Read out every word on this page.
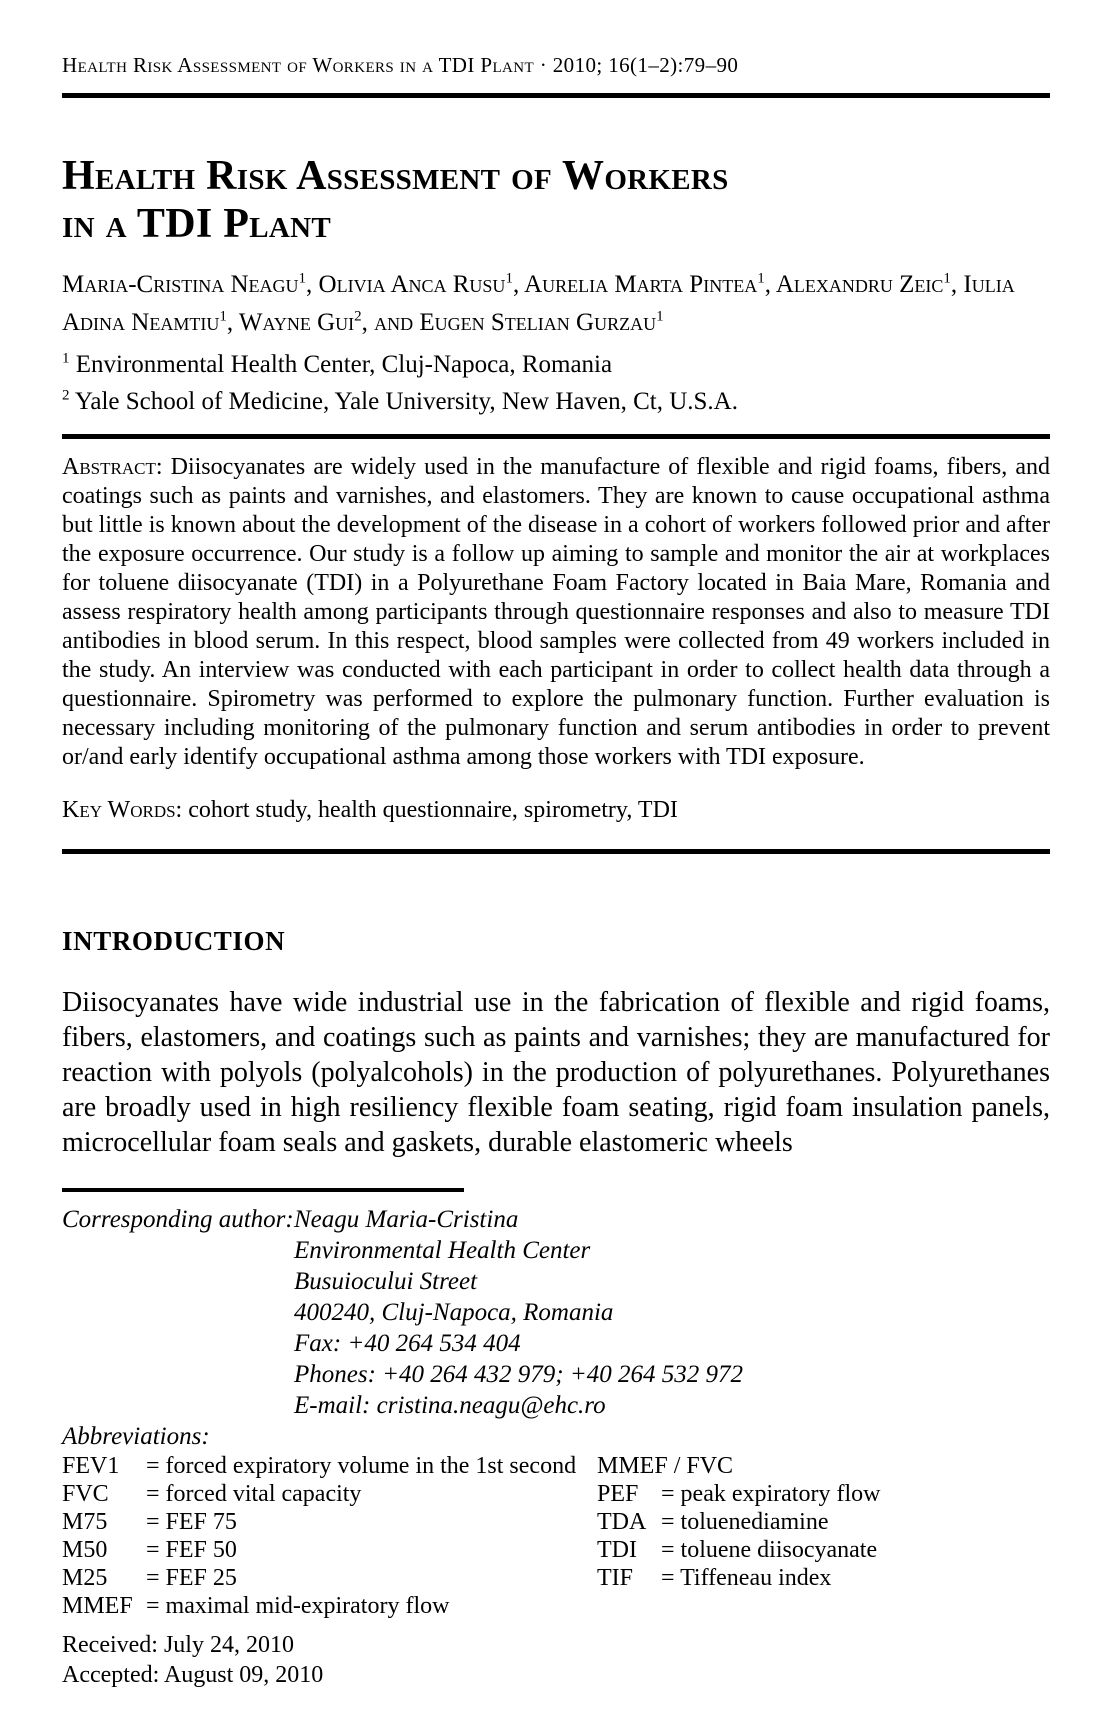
Health Risk Assessment of Workers in a TDI Plant · 2010; 16(1–2):79–90
Health Risk Assessment of Workers
in a TDI Plant
Maria-Cristina Neagu$^1$, Olivia Anca Rusu$^1$, Aurelia Marta Pintea$^1$, Alexandru Zeic$^1$, Iulia Adina Neamtiu$^1$, Wayne Gui$^2$, and Eugen Stelian Gurzau$^1$
$^1$ Environmental Health Center, Cluj-Napoca, Romania
$^2$ Yale School of Medicine, Yale University, New Haven, Ct, U.S.A.

Abstract: Diisocyanates are widely used in the manufacture of flexible and rigid foams, fibers, and coatings such as paints and varnishes, and elastomers. They are known to cause occupational asthma but little is known about the development of the disease in a cohort of workers followed prior and after the exposure occurrence. Our study is a follow up aiming to sample and monitor the air at workplaces for toluene diisocyanate (TDI) in a Polyurethane Foam Factory located in Baia Mare, Romania and assess respiratory health among participants through questionnaire responses and also to measure TDI antibodies in blood serum. In this respect, blood samples were collected from 49 workers included in the study. An interview was conducted with each participant in order to collect health data through a questionnaire. Spirometry was performed to explore the pulmonary function. Further evaluation is necessary including monitoring of the pulmonary function and serum antibodies in order to prevent or/and early identify occupational asthma among those workers with TDI exposure.

Key Words: cohort study, health questionnaire, spirometry, TDI

INTRODUCTION

Diisocyanates have wide industrial use in the fabrication of flexible and rigid foams, fibers, elastomers, and coatings such as paints and varnishes; they are manufactured for reaction with polyols (polyalcohols) in the production of polyurethanes. Polyurethanes are broadly used in high resiliency flexible foam seating, rigid foam insulation panels, microcellular foam seals and gaskets, durable elastomeric wheels

Corresponding author: Neagu Maria-Cristina
Environmental Health Center
Busuiocului Street
400240, Cluj-Napoca, Romania
Fax: +40 264 534 404
Phones: +40 264 432 979; +40 264 532 972
E-mail: cristina.neagu@ehc.ro
Abbreviations:
FEV1 = forced expiratory volume in the 1st second
FVC = forced vital capacity
M75 = FEF 75
M50 = FEF 50
M25 = FEF 25
MMEF = maximal mid-expiratory flow
MMEF / FVC
PEF = peak expiratory flow
TDA = toluenediamine
TDI = toluene diisocyanate
TIF = Tiffeneau index
Received: July 24, 2010
Accepted: August 09, 2010
